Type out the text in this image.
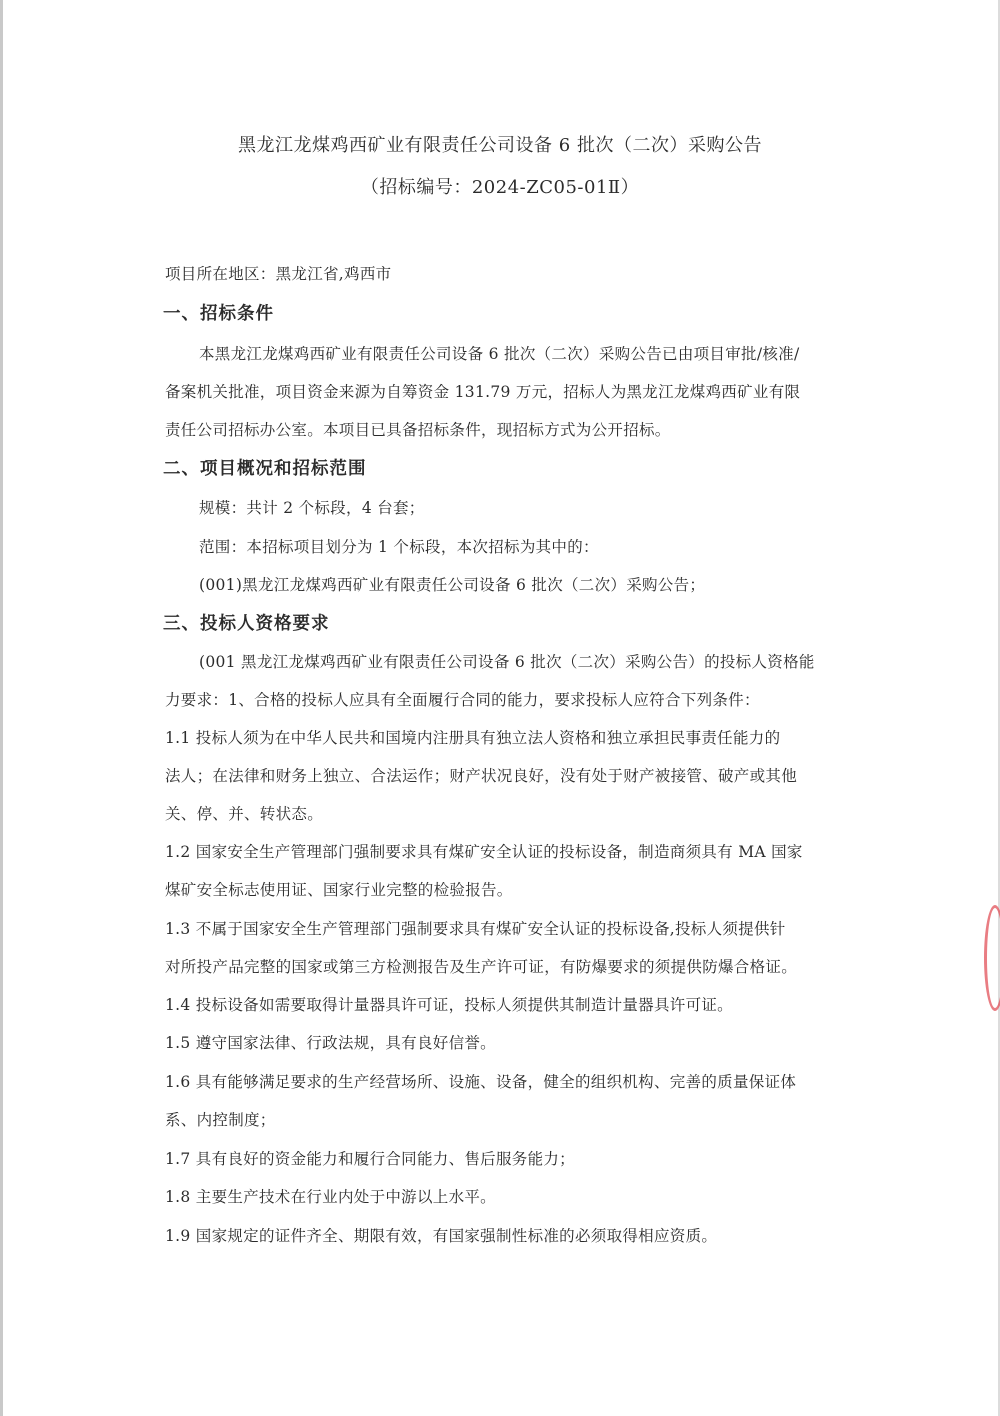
黑龙江龙煤鸡西矿业有限责任公司设备 6 批次（二次）采购公告
（招标编号：2024-ZC05-01Ⅱ）
项目所在地区：黑龙江省,鸡西市
一、招标条件
本黑龙江龙煤鸡西矿业有限责任公司设备 6 批次（二次）采购公告已由项目审批/核准/
备案机关批准，项目资金来源为自筹资金 131.79 万元，招标人为黑龙江龙煤鸡西矿业有限
责任公司招标办公室。本项目已具备招标条件，现招标方式为公开招标。
二、项目概况和招标范围
规模：共计 2 个标段，4 台套；
范围：本招标项目划分为 1 个标段，本次招标为其中的：
(001)黑龙江龙煤鸡西矿业有限责任公司设备 6 批次（二次）采购公告；
三、投标人资格要求
(001 黑龙江龙煤鸡西矿业有限责任公司设备 6 批次（二次）采购公告）的投标人资格能
力要求：1、合格的投标人应具有全面履行合同的能力，要求投标人应符合下列条件：
1.1 投标人须为在中华人民共和国境内注册具有独立法人资格和独立承担民事责任能力的
法人；在法律和财务上独立、合法运作；财产状况良好，没有处于财产被接管、破产或其他
关、停、并、转状态。
1.2 国家安全生产管理部门强制要求具有煤矿安全认证的投标设备，制造商须具有 MA 国家
煤矿安全标志使用证、国家行业完整的检验报告。
1.3 不属于国家安全生产管理部门强制要求具有煤矿安全认证的投标设备,投标人须提供针
对所投产品完整的国家或第三方检测报告及生产许可证，有防爆要求的须提供防爆合格证。
1.4 投标设备如需要取得计量器具许可证，投标人须提供其制造计量器具许可证。
1.5 遵守国家法律、行政法规，具有良好信誉。
1.6 具有能够满足要求的生产经营场所、设施、设备，健全的组织机构、完善的质量保证体
系、内控制度；
1.7 具有良好的资金能力和履行合同能力、售后服务能力；
1.8 主要生产技术在行业内处于中游以上水平。
1.9 国家规定的证件齐全、期限有效，有国家强制性标准的必须取得相应资质。
